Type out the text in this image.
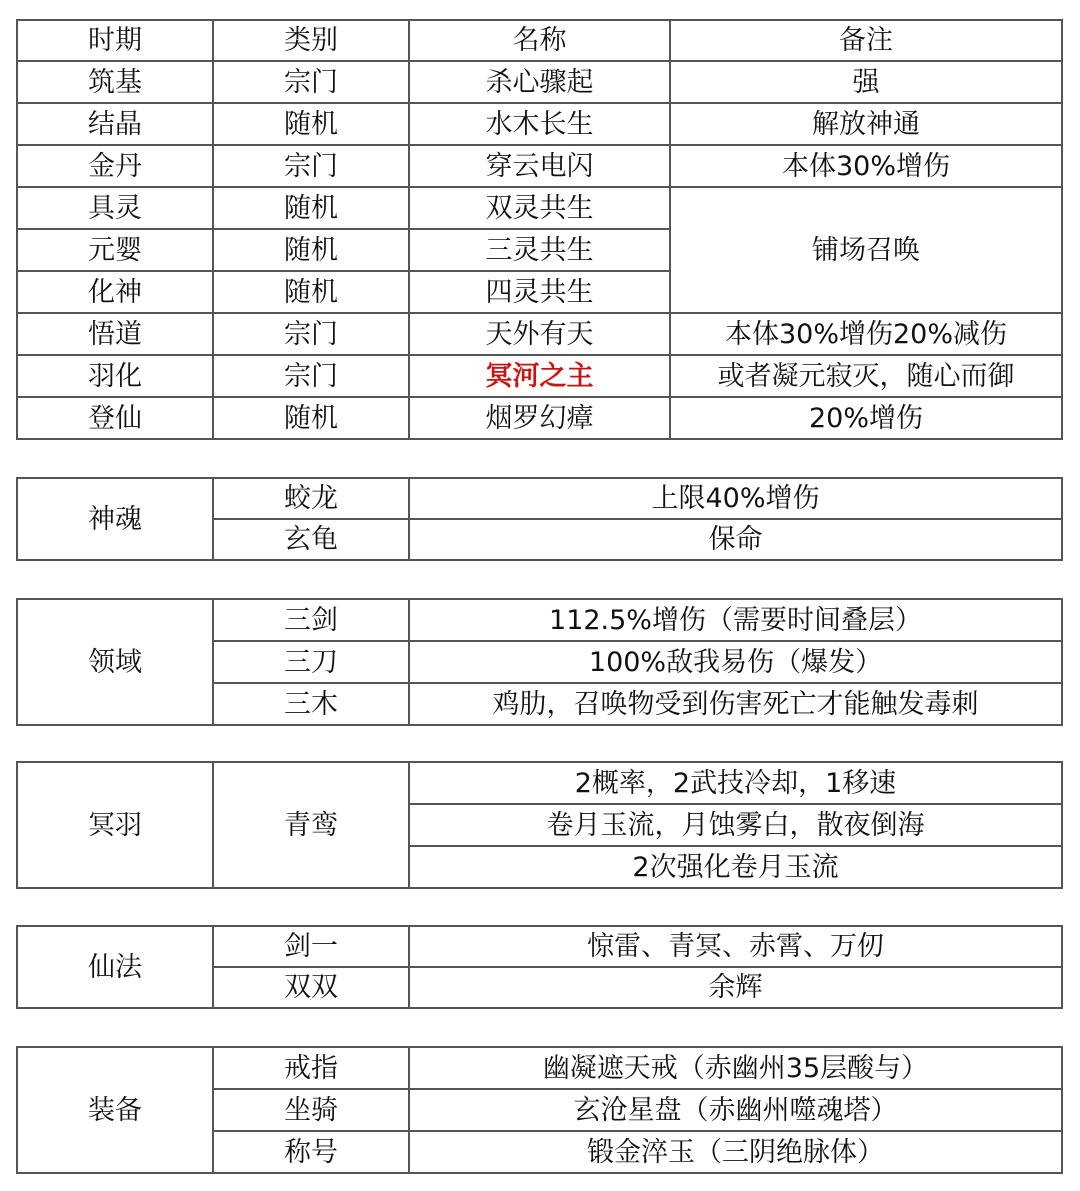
时期	类别	名称	备注
筑基	宗门	杀心骤起	强
结晶	随机	水木长生	解放神通
金丹	宗门	穿云电闪	本体30%增伤
具灵	随机	双灵共生	铺场召唤
元婴	随机	三灵共生	
化神	随机	四灵共生	
悟道	宗门	天外有天	本体30%增伤20%减伤
羽化	宗门	冥河之主	或者凝元寂灭，随心而御
登仙	随机	烟罗幻瘴	20%增伤
神魂	蛟龙	上限40%增伤
	玄龟	保命
领域	三剑	112.5%增伤（需要时间叠层）
	三刀	100%敌我易伤（爆发）
	三木	鸡肋，召唤物受到伤害死亡才能触发毒刺
冥羽	青鸾	2概率，2武技冷却，1移速
卷月玉流，月蚀雾白，散夜倒海
2次强化卷月玉流
仙法	剑一	惊雷、青冥、赤霄、万仞
	双双	余辉
装备	戒指	幽凝遮天戒（赤幽州35层酸与）
	坐骑	玄沧星盘（赤幽州噬魂塔）
	称号	锻金淬玉（三阴绝脉体）
